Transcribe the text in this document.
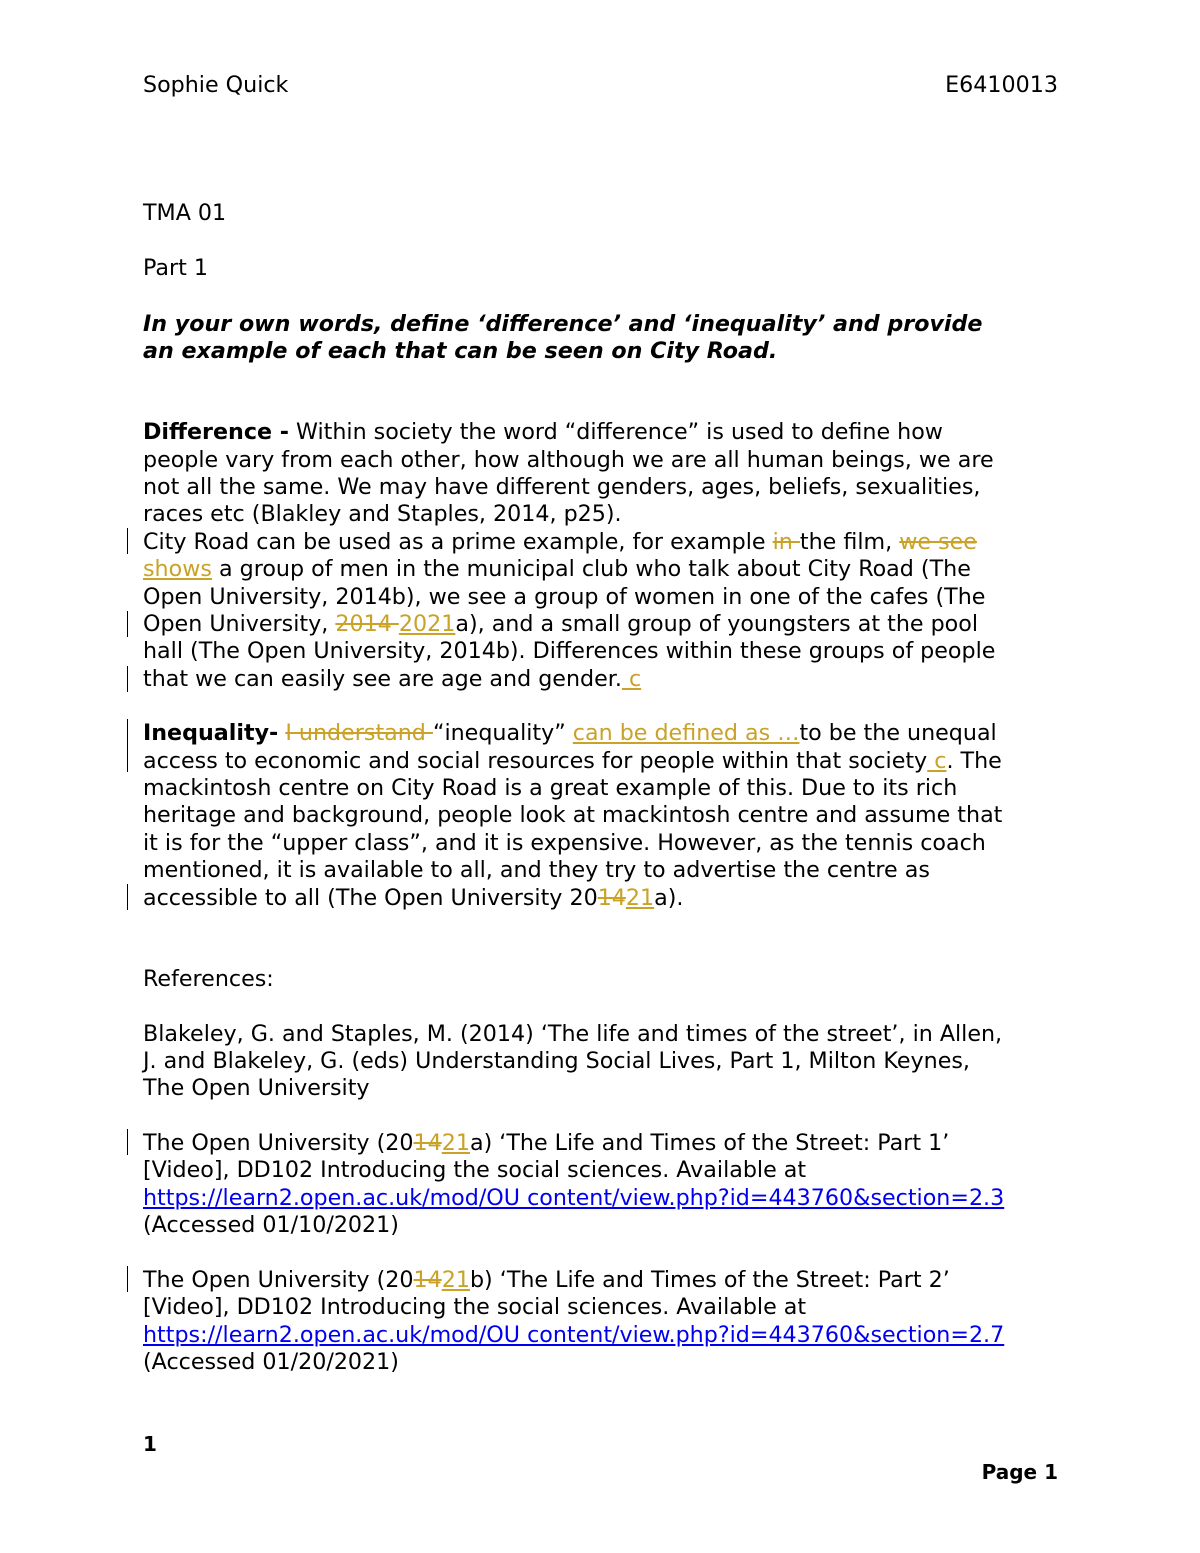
Sophie Quick	E6410013
TMA 01
Part 1
In your own words, define ‘difference’ and ‘inequality’ and provide
an example of each that can be seen on City Road.
Difference - Within society the word “difference” is used to define how
people vary from each other, how although we are all human beings, we are
not all the same. We may have different genders, ages, beliefs, sexualities,
races etc (Blakley and Staples, 2014, p25).
City Road can be used as a prime example, for example in the film, we see
shows a group of men in the municipal club who talk about City Road (The
Open University, 2014b), we see a group of women in one of the cafes (The
Open University, 2014 2021a), and a small group of youngsters at the pool
hall (The Open University, 2014b). Differences within these groups of people
that we can easily see are age and gender. c
Inequality- I understand “inequality” can be defined as …to be the unequal
access to economic and social resources for people within that society c. The
mackintosh centre on City Road is a great example of this. Due to its rich
heritage and background, people look at mackintosh centre and assume that
it is for the “upper class”, and it is expensive. However, as the tennis coach
mentioned, it is available to all, and they try to advertise the centre as
accessible to all (The Open University 201421a).
References:
Blakeley, G. and Staples, M. (2014) ‘The life and times of the street’, in Allen,
J. and Blakeley, G. (eds) Understanding Social Lives, Part 1, Milton Keynes,
The Open University
The Open University (201421a) ‘The Life and Times of the Street: Part 1’
[Video], DD102 Introducing the social sciences. Available at
https://learn2.open.ac.uk/mod/OU content/view.php?id=443760&section=2.3
(Accessed 01/10/2021)
The Open University (201421b) ‘The Life and Times of the Street: Part 2’
[Video], DD102 Introducing the social sciences. Available at
https://learn2.open.ac.uk/mod/OU content/view.php?id=443760&section=2.7
(Accessed 01/20/2021)
1
Page 1
